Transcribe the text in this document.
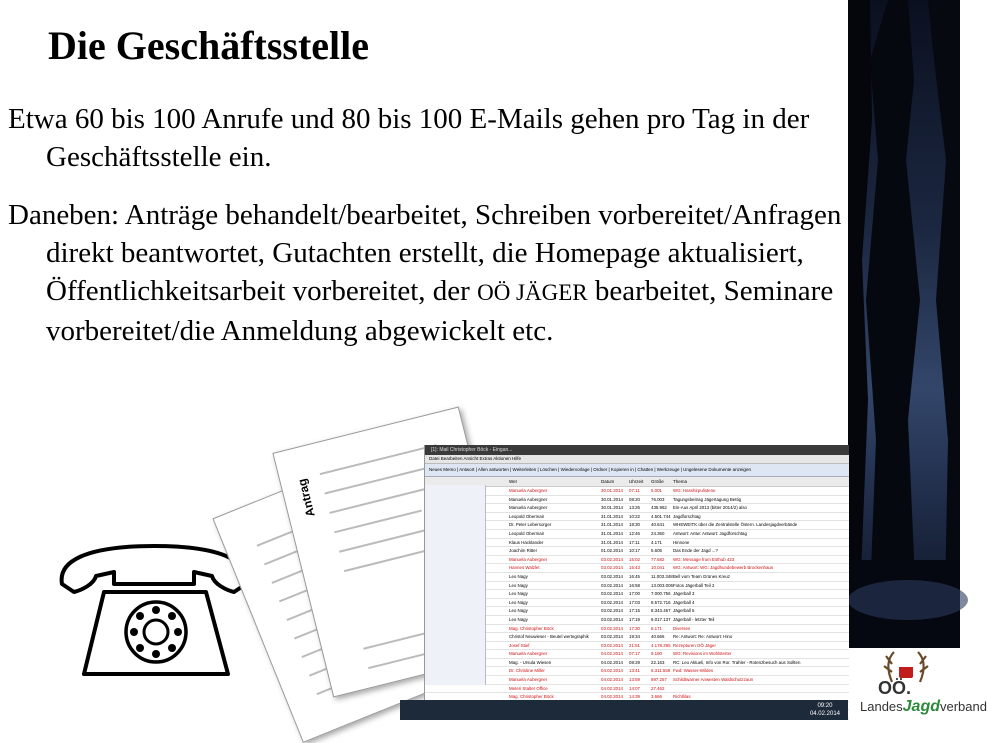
Die Geschäftsstelle

Etwa 60 bis 100 Anrufe und 80 bis 100 E-Mails gehen pro Tag in der Geschäftsstelle ein.

Daneben: Anträge behandelt/bearbeitet, Schreiben vorbereitet/Anfragen direkt beantwortet, Gutachten erstellt, die Homepage aktualisiert, Öffentlichkeitsarbeit vorbereitet, der OÖ JÄGER bearbeitet, Seminare vorbereitet/die Anmeldung abgewickelt etc.

OÖ.
LandesJagdverband
Antrag
[1]: Mail Christopher Böck - Eingan...
Datei Bearbeiten Ansicht Extras Aktionen Hilfe
Neues Memo | Antwort | Allen antworten | Weiterleiten | Löschen | Wiedervorlage | Ordner | Kopieren in | Chatten | Werkzeuge | Ungelesene Dokumente anzeigen
Wer	Datum	Uhrzeit Größe Thema
Manuela Aubergner	30.01.2014 07:11	5.001	WG: Hasshirpulistene
Manuela Aubergner	30.01.2014 08:20	76.003 Tagungsbeitrag Jägertagung Bettig
Manuela Aubergner	30.01.2014 13:26	435.962 Ein-Aus April 2013 (bitter 2014/2) also
Leopold Obermair	31.01.2014 10:22	4.501.744 Jagdforschtag
Dr. Peter Lebersorger	31.01.2014 18:30	40.641 WHEWEITK über die Zentralstelle Östern. Landesjagdverbände
Leopold Obermair	31.01.2014 12:46	24.360 Antwort: Antw: Antwort: Jagdforschtag
Klaus Hacklander	31.01.2014 17:11	4.171	Hinnone
Joachim Ritter	01.02.2014 10:17	5.605	Das Ende der Jagd ...?
Manuela Aubergner	03.02.2014 15:02	77.582 WG: Message from Esthub 423
Hannes Walzlet	03.02.2014 15:43	10.041 WG: Antwort: WG: Jagdhundebewerb Brockenhaus
Leo Nagy	03.02.2014 16:45	11.003.348Bell vom Team Grünes Kreuz
Leo Nagy	03.02.2014 16:58	13.003.006Fotos Jägerball Teil 2
Leo Nagy	03.02.2014 17:00	7.000.756 Jägerball 3
Leo Nagy	03.02.2014 17:03	8.572.716 Jägerball 4
Leo Nagy	03.02.2014 17:15	8.343.467 Jägerball 5
Leo Nagy	03.02.2014 17:19	6.017.137 Jägerball - letzter Teil
Mag. Christopher Böck	03.02.2014 17:30	8.171	Diverses
Christof Neuwieser - Beutel wertegraphik	03.02.2014 19:34	40.666 Re: Antwort: Re: Antwort: Hino
Josef Stief	03.02.2014 21:51	4.178.295 Rezepturen OÖ Jäger
Manuela Aubergner	04.02.2014 07:17	9.180	WG: Revisions im Wohlsterter
Mag. - Ursula Wiesen	04.02.2014 08:29	22.163 RC: Leo Aktueli, Info von Ror. Trahler - Rotenzbesuch aus Sollten
Dr. Christine Miller	04.02.2014 13:41	6.311.559 Fwd: Wasser-Wildes
Manuela Aubergner	04.02.2014 13:59	897.257 Schildtwarner Anwesten Waldschutzzaun
Meteri Stalter Office	04.02.2014 14:07	27.462
Mag. Christopher Böck	04.02.2014 14:39	3.666	Richtlilas
09:20
04.02.2014
